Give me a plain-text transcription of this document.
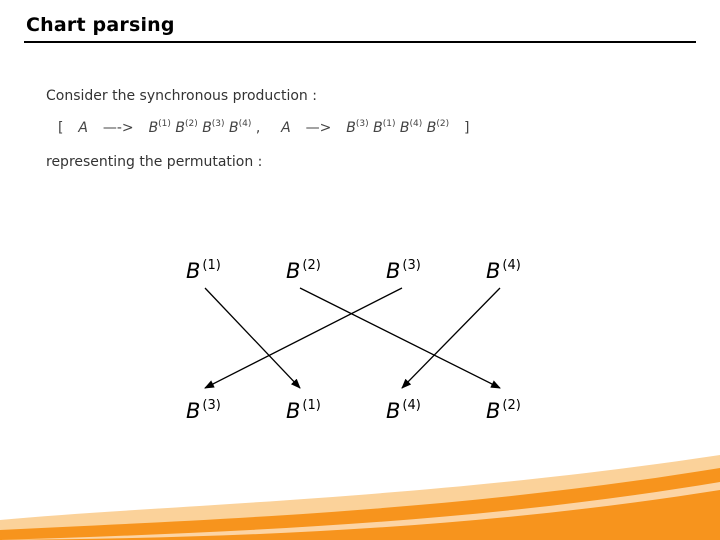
Chart parsing
Consider the synchronous production :
[ A —-> $B^{(1)}$ $B^{(2)}$ $B^{(3)}$ $B^{(4)}$ , A —> $B^{(3)}$ $B^{(1)}$ $B^{(4)}$ $B^{(2)}$ ]
representing the permutation :
B $^{(1)}$	B $^{(2)}$	B $^{(3)}$	B $^{(4)}$
B $^{(3)}$	B $^{(1)}$	B $^{(4)}$	B $^{(2)}$
